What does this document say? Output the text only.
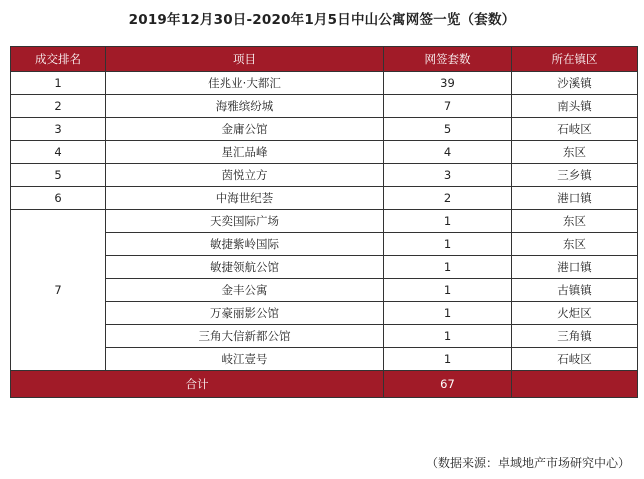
2019年12月30日-2020年1月5日中山公寓网签一览（套数）
成交排名	项目	网签套数	所在镇区
1	佳兆业·大都汇	39	沙溪镇
2	海雅缤纷城	7	南头镇
3	金庸公馆	5	石岐区
4	星汇品峰	4	东区
5	茵悦立方	3	三乡镇
6	中海世纪荟	2	港口镇
7	天奕国际广场	1	东区
	敏捷紫岭国际	1	东区
	敏捷领航公馆	1	港口镇
	金丰公寓	1	古镇镇
	万豪丽影公馆	1	火炬区
	三角大信新都公馆	1	三角镇
	岐江壹号	1	石岐区
合计		67	
（数据来源：卓域地产市场研究中心）
